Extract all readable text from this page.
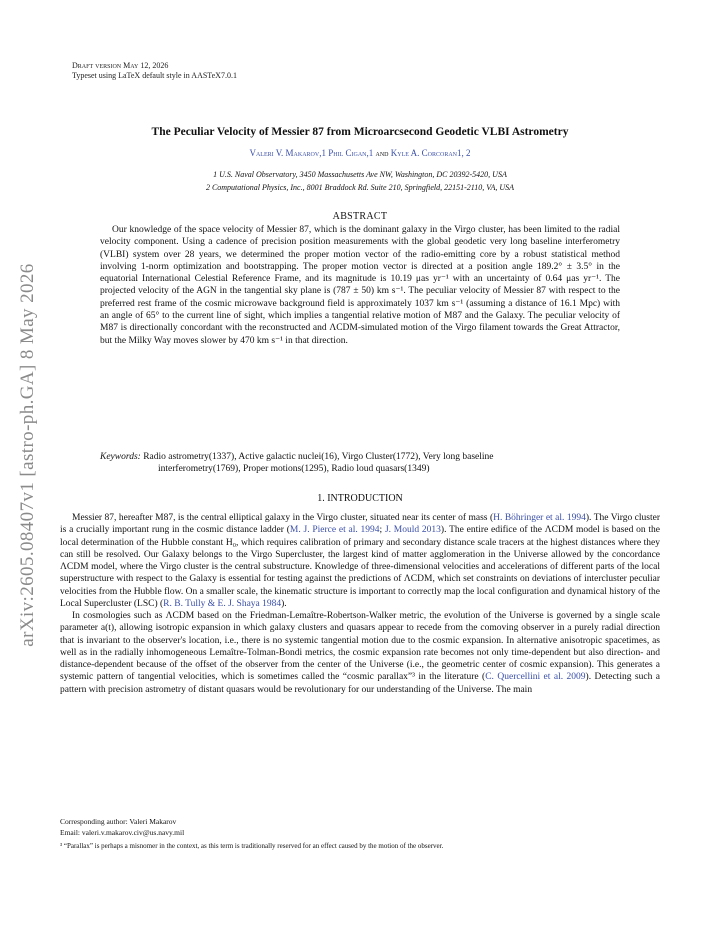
arXiv:2605.08407v1 [astro-ph.GA] 8 May 2026
Draft version May 12, 2026
Typeset using LaTeX default style in AASTeX7.0.1
The Peculiar Velocity of Messier 87 from Microarcsecond Geodetic VLBI Astrometry
Valeri V. Makarov,1 Phil Cigan,1 and Kyle A. Corcoran1, 2
1 U.S. Naval Observatory, 3450 Massachusetts Ave NW, Washington, DC 20392-5420, USA
2 Computational Physics, Inc., 8001 Braddock Rd. Suite 210, Springfield, 22151-2110, VA, USA
ABSTRACT

Our knowledge of the space velocity of Messier 87, which is the dominant galaxy in the Virgo cluster, has been limited to the radial velocity component. Using a cadence of precision position measurements with the global geodetic very long baseline interferometry (VLBI) system over 28 years, we determined the proper motion vector of the radio-emitting core by a robust statistical method involving 1-norm optimization and bootstrapping. The proper motion vector is directed at a position angle 189.2° ± 3.5° in the equatorial International Celestial Reference Frame, and its magnitude is 10.19 μas yr⁻¹ with an uncertainty of 0.64 μas yr⁻¹. The projected velocity of the AGN in the tangential sky plane is (787 ± 50) km s⁻¹. The peculiar velocity of Messier 87 with respect to the preferred rest frame of the cosmic microwave background field is approximately 1037 km s⁻¹ (assuming a distance of 16.1 Mpc) with an angle of 65° to the current line of sight, which implies a tangential relative motion of M87 and the Galaxy. The peculiar velocity of M87 is directionally concordant with the reconstructed and ΛCDM-simulated motion of the Virgo filament towards the Great Attractor, but the Milky Way moves slower by 470 km s⁻¹ in that direction.

Keywords: Radio astrometry(1337), Active galactic nuclei(16), Virgo Cluster(1772), Very long baseline
interferometry(1769), Proper motions(1295), Radio loud quasars(1349)
1. INTRODUCTION

Messier 87, hereafter M87, is the central elliptical galaxy in the Virgo cluster, situated near its center of mass (H. Böhringer et al. 1994). The Virgo cluster is a crucially important rung in the cosmic distance ladder (M. J. Pierce et al. 1994; J. Mould 2013). The entire edifice of the ΛCDM model is based on the local determination of the Hubble constant H₀, which requires calibration of primary and secondary distance scale tracers at the highest distances where they can still be resolved. Our Galaxy belongs to the Virgo Supercluster, the largest kind of matter agglomeration in the Universe allowed by the concordance ΛCDM model, where the Virgo cluster is the central substructure. Knowledge of three-dimensional velocities and accelerations of different parts of the local superstructure with respect to the Galaxy is essential for testing against the predictions of ΛCDM, which set constraints on deviations of intercluster peculiar velocities from the Hubble flow. On a smaller scale, the kinematic structure is important to correctly map the local configuration and dynamical history of the Local Supercluster (LSC) (R. B. Tully & E. J. Shaya 1984).

In cosmologies such as ΛCDM based on the Friedman-Lemaître-Robertson-Walker metric, the evolution of the Universe is governed by a single scale parameter a(t), allowing isotropic expansion in which galaxy clusters and quasars appear to recede from the comoving observer in a purely radial direction that is invariant to the observer's location, i.e., there is no systemic tangential motion due to the cosmic expansion. In alternative anisotropic spacetimes, as well as in the radially inhomogeneous Lemaître-Tolman-Bondi metrics, the cosmic expansion rate becomes not only time-dependent but also direction- and distance-dependent because of the offset of the observer from the center of the Universe (i.e., the geometric center of cosmic expansion). This generates a systemic pattern of tangential velocities, which is sometimes called the “cosmic parallax”³ in the literature (C. Quercellini et al. 2009). Detecting such a pattern with precision astrometry of distant quasars would be revolutionary for our understanding of the Universe. The main

Corresponding author: Valeri Makarov
Email: valeri.v.makarov.civ@us.navy.mil
³ “Parallax” is perhaps a misnomer in the context, as this term is traditionally reserved for an effect caused by the motion of the observer.
